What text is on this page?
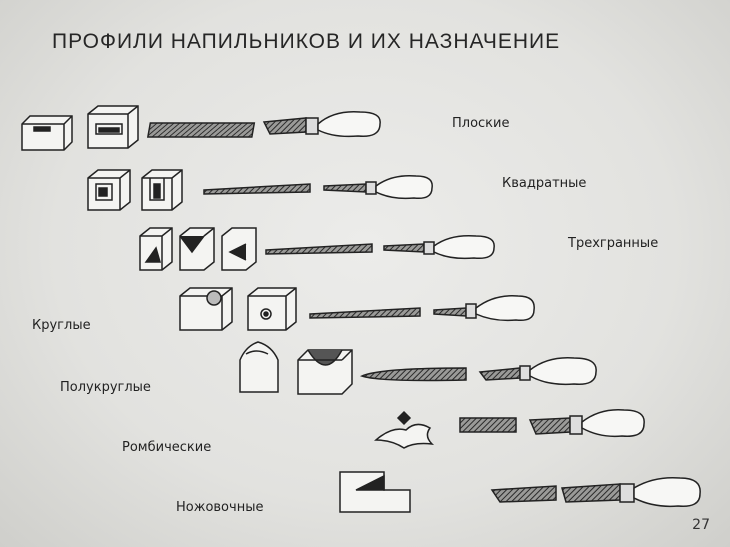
ПРОФИЛИ НАПИЛЬНИКОВ И ИХ НАЗНАЧЕНИЕ
Плоские
Квадратные
Трехгранные
Круглые
Полукруглые
Ромбические
Ножовочные
27
